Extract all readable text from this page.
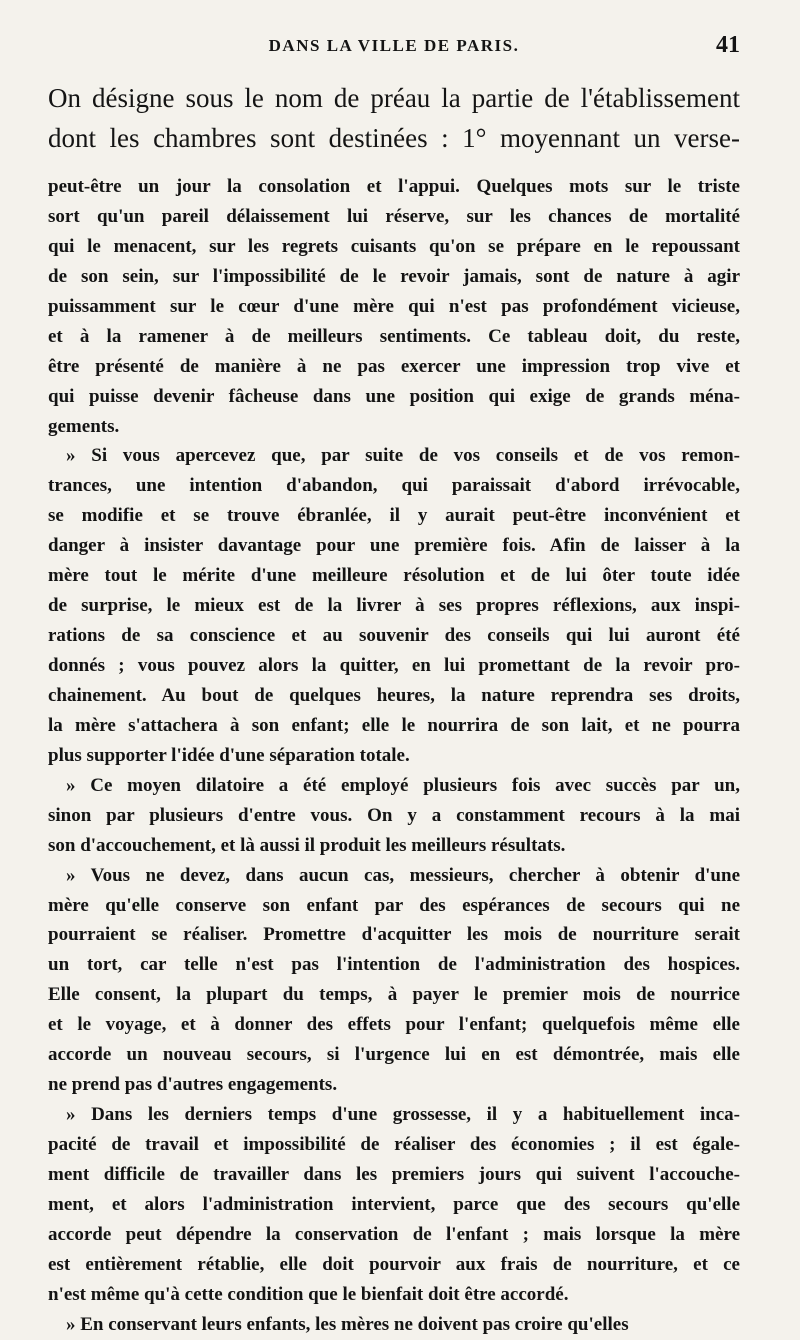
DANS LA VILLE DE PARIS.	41
On désigne sous le nom de préau la partie de l'établissement
dont les chambres sont destinées : 1° moyennant un verse-
peut-être un jour la consolation et l'appui. Quelques mots sur le triste
sort qu'un pareil délaissement lui réserve, sur les chances de mortalité
qui le menacent, sur les regrets cuisants qu'on se prépare en le repoussant
de son sein, sur l'impossibilité de le revoir jamais, sont de nature à agir
puissamment sur le cœur d'une mère qui n'est pas profondément vicieuse,
et à la ramener à de meilleurs sentiments. Ce tableau doit, du reste,
être présenté de manière à ne pas exercer une impression trop vive et
qui puisse devenir fâcheuse dans une position qui exige de grands ména-
gements.
» Si vous apercevez que, par suite de vos conseils et de vos remon-
trances, une intention d'abandon, qui paraissait d'abord irrévocable,
se modifie et se trouve ébranlée, il y aurait peut-être inconvénient et
danger à insister davantage pour une première fois. Afin de laisser à la
mère tout le mérite d'une meilleure résolution et de lui ôter toute idée
de surprise, le mieux est de la livrer à ses propres réflexions, aux inspi-
rations de sa conscience et au souvenir des conseils qui lui auront été
donnés ; vous pouvez alors la quitter, en lui promettant de la revoir pro-
chainement. Au bout de quelques heures, la nature reprendra ses droits,
la mère s'attachera à son enfant; elle le nourrira de son lait, et ne pourra
plus supporter l'idée d'une séparation totale.
» Ce moyen dilatoire a été employé plusieurs fois avec succès par un,
sinon par plusieurs d'entre vous. On y a constamment recours à la mai
son d'accouchement, et là aussi il produit les meilleurs résultats.
» Vous ne devez, dans aucun cas, messieurs, chercher à obtenir d'une
mère qu'elle conserve son enfant par des espérances de secours qui ne
pourraient se réaliser. Promettre d'acquitter les mois de nourriture serait
un tort, car telle n'est pas l'intention de l'administration des hospices.
Elle consent, la plupart du temps, à payer le premier mois de nourrice
et le voyage, et à donner des effets pour l'enfant; quelquefois même elle
accorde un nouveau secours, si l'urgence lui en est démontrée, mais elle
ne prend pas d'autres engagements.
» Dans les derniers temps d'une grossesse, il y a habituellement inca-
pacité de travail et impossibilité de réaliser des économies ; il est égale-
ment difficile de travailler dans les premiers jours qui suivent l'accouche-
ment, et alors l'administration intervient, parce que des secours qu'elle
accorde peut dépendre la conservation de l'enfant ; mais lorsque la mère
est entièrement rétablie, elle doit pourvoir aux frais de nourriture, et ce
n'est même qu'à cette condition que le bienfait doit être accordé.
» En conservant leurs enfants, les mères ne doivent pas croire qu'elles
